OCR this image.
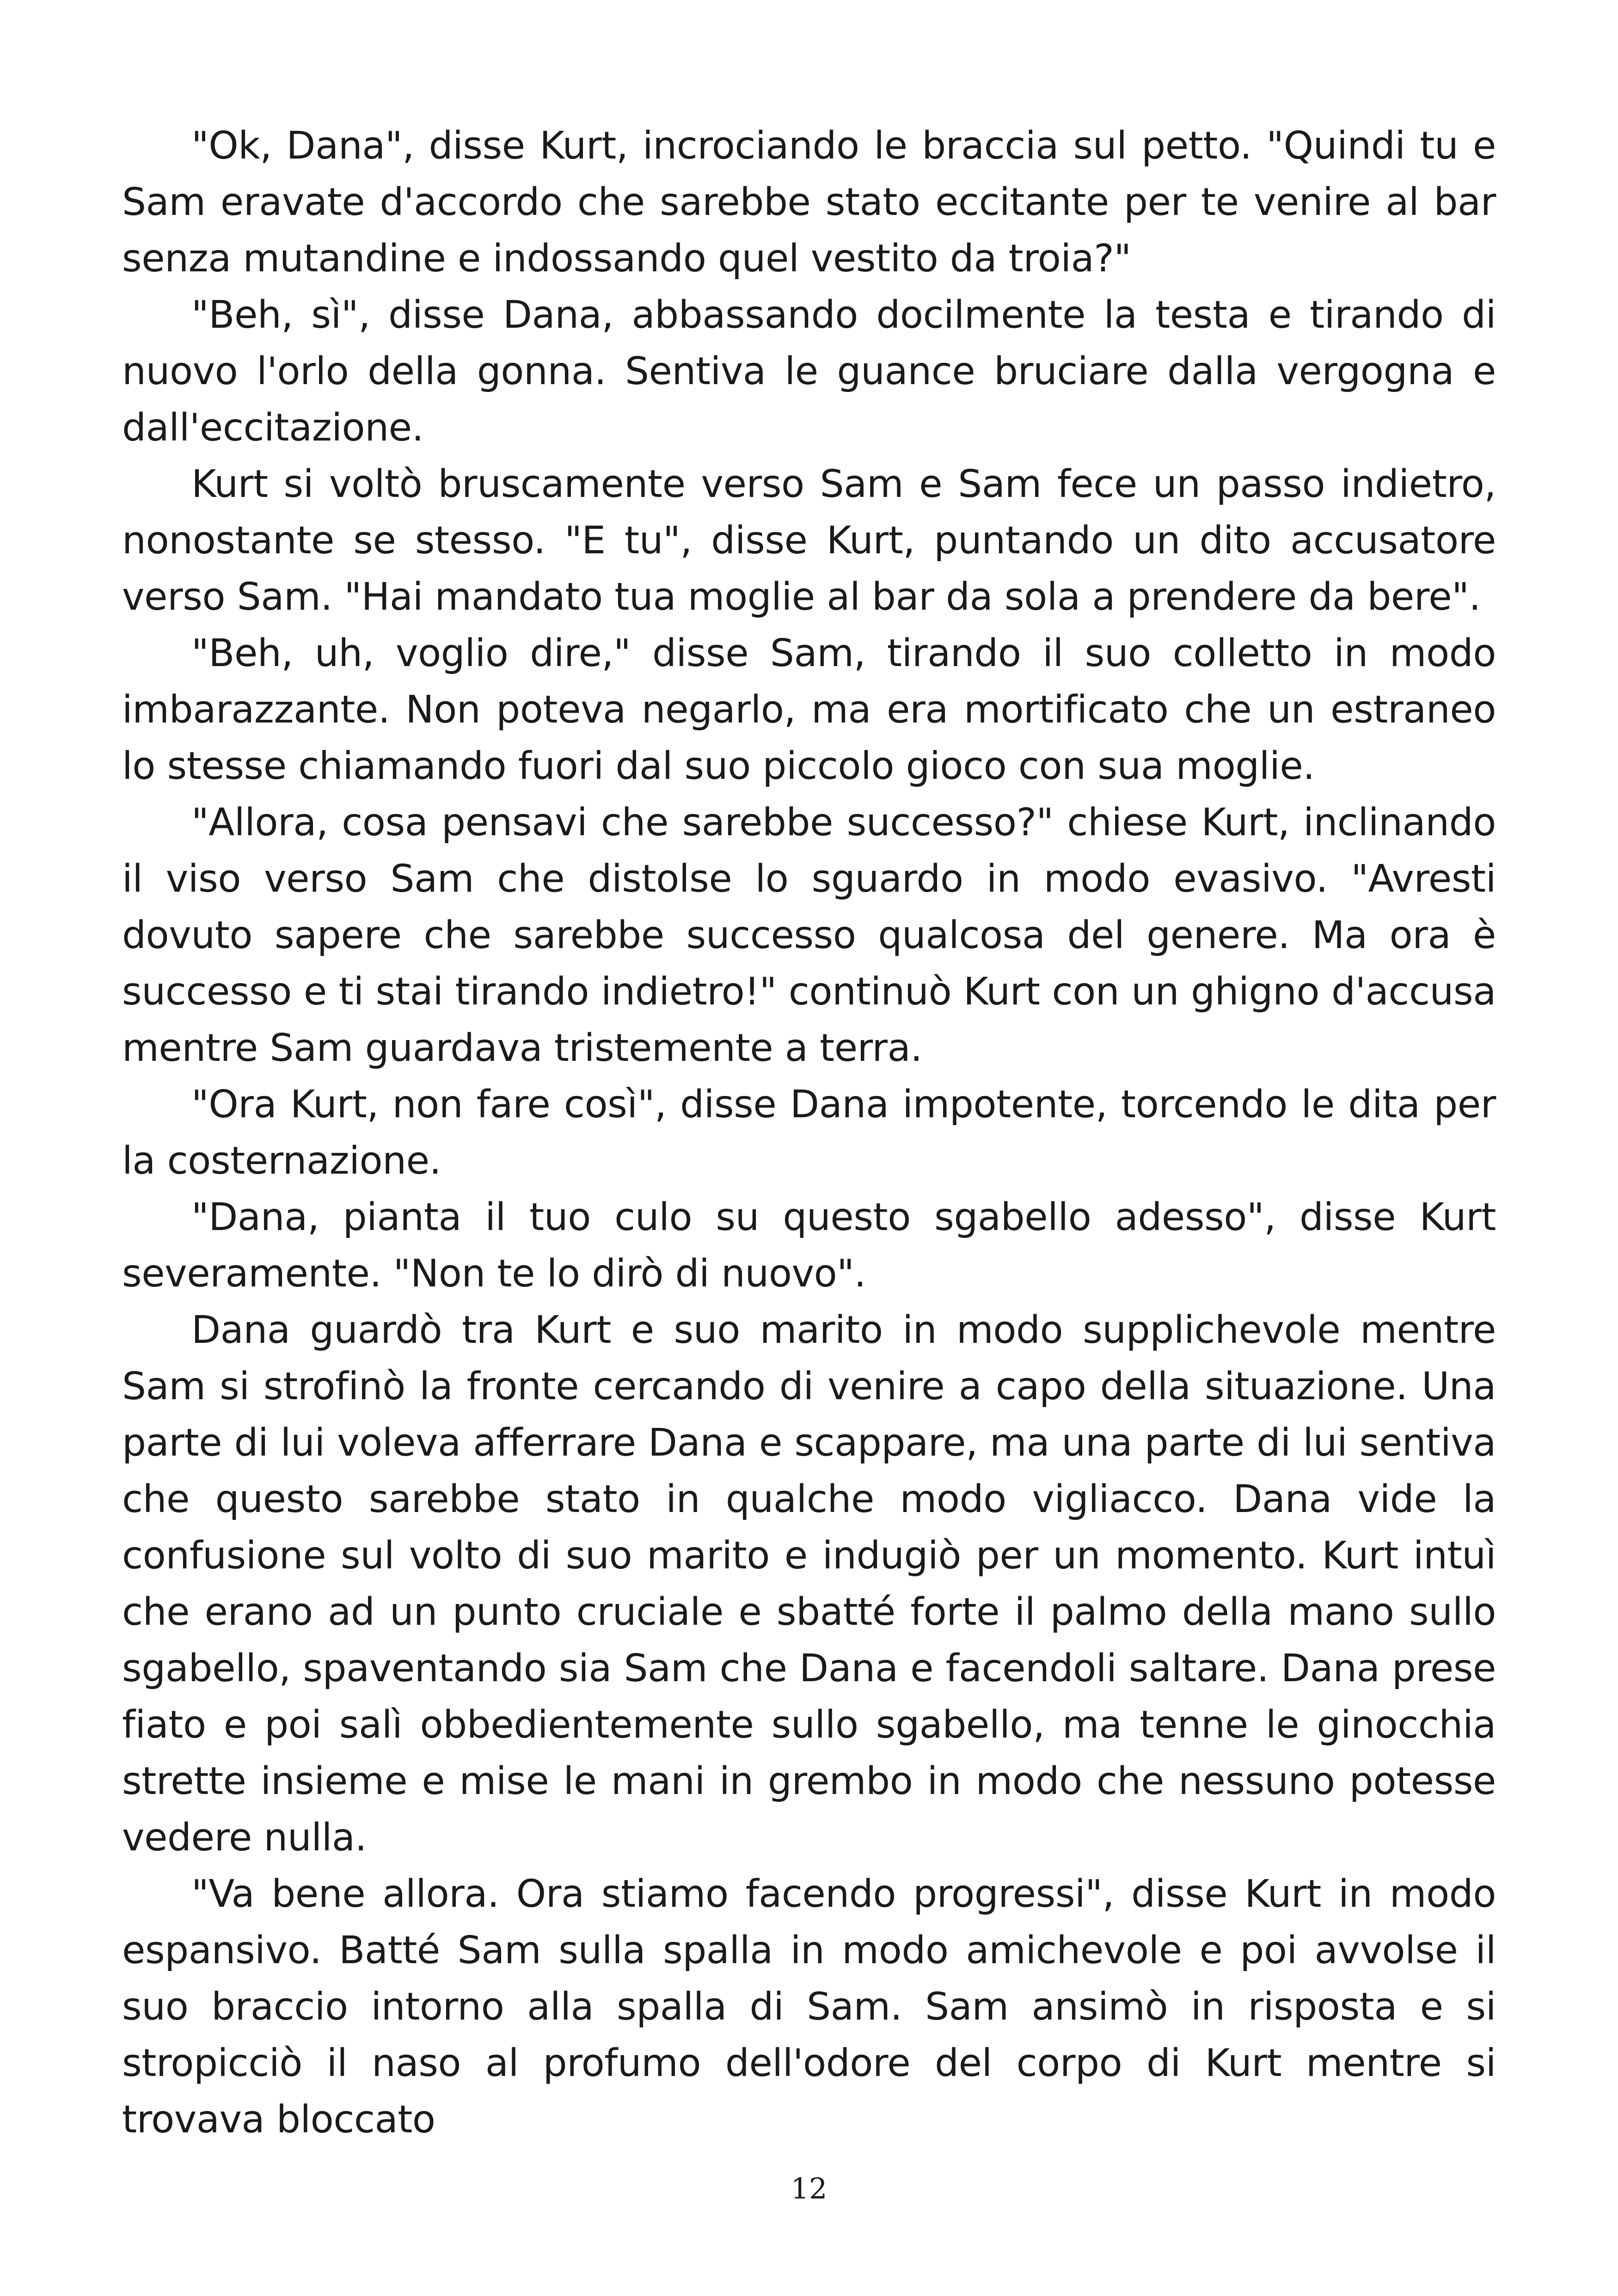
"Ok, Dana", disse Kurt, incrociando le braccia sul petto. "Quindi tu e Sam eravate d'accordo che sarebbe stato eccitante per te venire al bar senza mutandine e indossando quel vestito da troia?"

"Beh, sì", disse Dana, abbassando docilmente la testa e tirando di nuovo l'orlo della gonna. Sentiva le guance bruciare dalla vergogna e dall'eccitazione.

Kurt si voltò bruscamente verso Sam e Sam fece un passo indietro, nonostante se stesso. "E tu", disse Kurt, puntando un dito accusatore verso Sam. "Hai mandato tua moglie al bar da sola a prendere da bere".

"Beh, uh, voglio dire," disse Sam, tirando il suo colletto in modo imbarazzante. Non poteva negarlo, ma era mortificato che un estraneo lo stesse chiamando fuori dal suo piccolo gioco con sua moglie.

"Allora, cosa pensavi che sarebbe successo?" chiese Kurt, inclinando il viso verso Sam che distolse lo sguardo in modo evasivo. "Avresti dovuto sapere che sarebbe successo qualcosa del genere. Ma ora è successo e ti stai tirando indietro!" continuò Kurt con un ghigno d'accusa mentre Sam guardava tristemente a terra.

"Ora Kurt, non fare così", disse Dana impotente, torcendo le dita per la costernazione.

"Dana, pianta il tuo culo su questo sgabello adesso", disse Kurt severamente. "Non te lo dirò di nuovo".

Dana guardò tra Kurt e suo marito in modo supplichevole mentre Sam si strofinò la fronte cercando di venire a capo della situazione. Una parte di lui voleva afferrare Dana e scappare, ma una parte di lui sentiva che questo sarebbe stato in qualche modo vigliacco. Dana vide la confusione sul volto di suo marito e indugiò per un momento. Kurt intuì che erano ad un punto cruciale e sbatté forte il palmo della mano sullo sgabello, spaventando sia Sam che Dana e facendoli saltare. Dana prese fiato e poi salì obbedientemente sullo sgabello, ma tenne le ginocchia strette insieme e mise le mani in grembo in modo che nessuno potesse vedere nulla.

"Va bene allora. Ora stiamo facendo progressi", disse Kurt in modo espansivo. Batté Sam sulla spalla in modo amichevole e poi avvolse il suo braccio intorno alla spalla di Sam. Sam ansimò in risposta e si stropicciò il naso al profumo dell'odore del corpo di Kurt mentre si trovava bloccato

12
